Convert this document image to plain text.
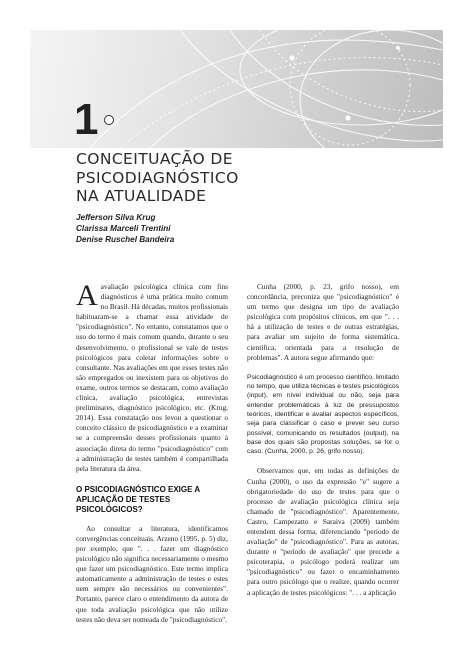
1
CONCEITUAÇÃO DE
PSICODIAGNÓSTICO
NA ATUALIDADE
Jefferson Silva Krug
Clarissa Marceli Trentini
Denise Ruschel Bandeira

Aavaliação psicológica clínica com fins diagnósticos é uma prática muito comum no Brasil. Há décadas, muitos profissionais habituaram-se a chamar essa atividade de "psicodiagnóstico". No entanto, constatamos que o uso do termo é mais comum quando, durante o seu desenvolvimento, o profissional se vale de testes psicológicos para coletar informações sobre o consultante. Nas avaliações em que esses testes não são empregados ou inexistem para os objetivos do exame, outros termos se destacam, como avaliação clínica, avaliação psicológica, entrevistas preliminares, diagnóstico psicológico, etc. (Krug, 2014). Essa constatação nos levou a questionar o conceito clássico de psicodiagnóstico e a examinar se a compreensão desses profissionais quanto à associação direta do termo "psicodiagnóstico" com a administração de testes também é compartilhada pela literatura da área.

O PSICODIAGNÓSTICO EXIGE A
APLICAÇÃO DE TESTES PSICOLÓGICOS?

Ao consultar a literatura, identificamos convergências conceituais. Arzeno (1995, p. 5) diz, por exemplo, que ". . . fazer um diagnóstico psicológico não significa necessariamente o mesmo que fazer um psicodiagnóstico. Este termo implica automaticamente a administração de testes e estes nem sempre são necessários ou convenientes". Portanto, parece claro o entendimento da autora de que toda avaliação psicológica que não utilize testes não deva ser nomeada de "psicodiagnóstico".

Cunha (2000, p. 23, grifo nosso), em concordância, preconiza que "psicodiagnóstico" é um termo que designa um tipo de avaliação psicológica com propósitos clínicos, em que ". . . há a utilização de testes e de outras estratégias, para avaliar um sujeito de forma sistemática, científica, orientada para a resolução de problemas". A autora segue afirmando que:

Psicodiagnóstico é um processo científico, limitado no tempo, que utiliza técnicas e testes psicológicos (input), em nível individual ou não, seja para entender problemáticas à luz de pressupostos teóricos, identificar e avaliar aspectos específicos, seja para classificar o caso e prever seu curso possível, comunicando os resultados (output), na base dos quais são propostas soluções, se for o caso. (Cunha, 2000, p. 26, grifo nosso).

Observamos que, em todas as definições de Cunha (2000), o uso da expressão "e" sugere a obrigatoriedade do uso de testes para que o processo de avaliação psicológica clínica seja chamado de "psicodiagnóstico". Aparentemente, Castro, Campezatto e Saraiva (2009) também entendem dessa forma, diferenciando "período de avaliação" de "psicodiagnóstico". Para as autoras, durante o "período de avaliação" que precede a psicoterapia, o psicólogo poderá realizar um "psicodiagnóstico" ou fazer o encaminhamento para outro psicólogo que o realize, quando ocorrer a aplicação de testes psicológicos: ". . . a aplicação
